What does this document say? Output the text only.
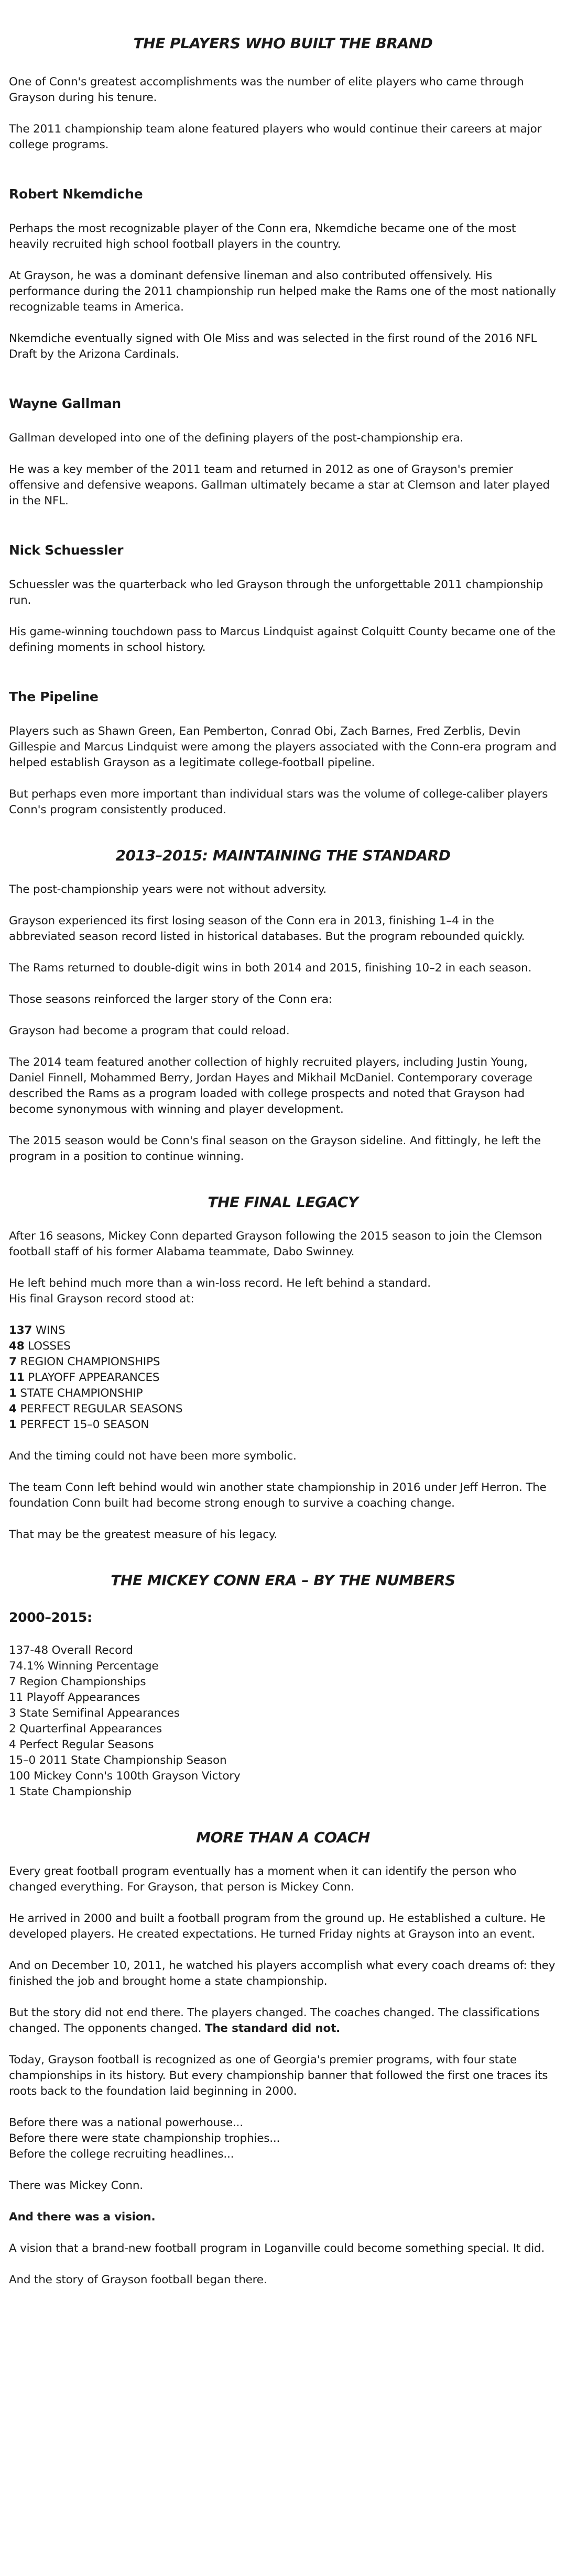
THE PLAYERS WHO BUILT THE BRAND

One of Conn's greatest accomplishments was the number of elite players who came through Grayson during his tenure.

The 2011 championship team alone featured players who would continue their careers at major college programs.

Robert Nkemdiche

Perhaps the most recognizable player of the Conn era, Nkemdiche became one of the most heavily recruited high school football players in the country.

At Grayson, he was a dominant defensive lineman and also contributed offensively. His performance during the 2011 championship run helped make the Rams one of the most nationally recognizable teams in America.

Nkemdiche eventually signed with Ole Miss and was selected in the first round of the 2016 NFL Draft by the Arizona Cardinals.

Wayne Gallman

Gallman developed into one of the defining players of the post-championship era.

He was a key member of the 2011 team and returned in 2012 as one of Grayson's premier offensive and defensive weapons. Gallman ultimately became a star at Clemson and later played in the NFL.

Nick Schuessler

Schuessler was the quarterback who led Grayson through the unforgettable 2011 championship run.

His game-winning touchdown pass to Marcus Lindquist against Colquitt County became one of the defining moments in school history.

The Pipeline

Players such as Shawn Green, Ean Pemberton, Conrad Obi, Zach Barnes, Fred Zerblis, Devin Gillespie and Marcus Lindquist were among the players associated with the Conn-era program and helped establish Grayson as a legitimate college-football pipeline.

But perhaps even more important than individual stars was the volume of college-caliber players Conn's program consistently produced.

2013–2015: MAINTAINING THE STANDARD

The post-championship years were not without adversity.

Grayson experienced its first losing season of the Conn era in 2013, finishing 1–4 in the abbreviated season record listed in historical databases. But the program rebounded quickly.

The Rams returned to double-digit wins in both 2014 and 2015, finishing 10–2 in each season.

Those seasons reinforced the larger story of the Conn era:

Grayson had become a program that could reload.

The 2014 team featured another collection of highly recruited players, including Justin Young, Daniel Finnell, Mohammed Berry, Jordan Hayes and Mikhail McDaniel. Contemporary coverage described the Rams as a program loaded with college prospects and noted that Grayson had become synonymous with winning and player development.

The 2015 season would be Conn's final season on the Grayson sideline. And fittingly, he left the program in a position to continue winning.

THE FINAL LEGACY

After 16 seasons, Mickey Conn departed Grayson following the 2015 season to join the Clemson football staff of his former Alabama teammate, Dabo Swinney.

He left behind much more than a win-loss record. He left behind a standard.

His final Grayson record stood at:

137 WINS
48 LOSSES
7 REGION CHAMPIONSHIPS
11 PLAYOFF APPEARANCES
1 STATE CHAMPIONSHIP
4 PERFECT REGULAR SEASONS
1 PERFECT 15–0 SEASON

And the timing could not have been more symbolic.

The team Conn left behind would win another state championship in 2016 under Jeff Herron. The foundation Conn built had become strong enough to survive a coaching change.

That may be the greatest measure of his legacy.

THE MICKEY CONN ERA – BY THE NUMBERS
2000–2015:
137-48 Overall Record
74.1% Winning Percentage
7 Region Championships
11 Playoff Appearances
3 State Semifinal Appearances
2 Quarterfinal Appearances
4 Perfect Regular Seasons
15–0 2011 State Championship Season
100 Mickey Conn's 100th Grayson Victory
1 State Championship
MORE THAN A COACH

Every great football program eventually has a moment when it can identify the person who changed everything. For Grayson, that person is Mickey Conn.

He arrived in 2000 and built a football program from the ground up. He established a culture. He developed players. He created expectations. He turned Friday nights at Grayson into an event.

And on December 10, 2011, he watched his players accomplish what every coach dreams of: they finished the job and brought home a state championship.

But the story did not end there. The players changed. The coaches changed. The classifications changed. The opponents changed. The standard did not.

Today, Grayson football is recognized as one of Georgia's premier programs, with four state championships in its history. But every championship banner that followed the first one traces its roots back to the foundation laid beginning in 2000.

Before there was a national powerhouse...

Before there were state championship trophies...

Before the college recruiting headlines...

There was Mickey Conn.

And there was a vision.

A vision that a brand-new football program in Loganville could become something special. It did.

And the story of Grayson football began there.
